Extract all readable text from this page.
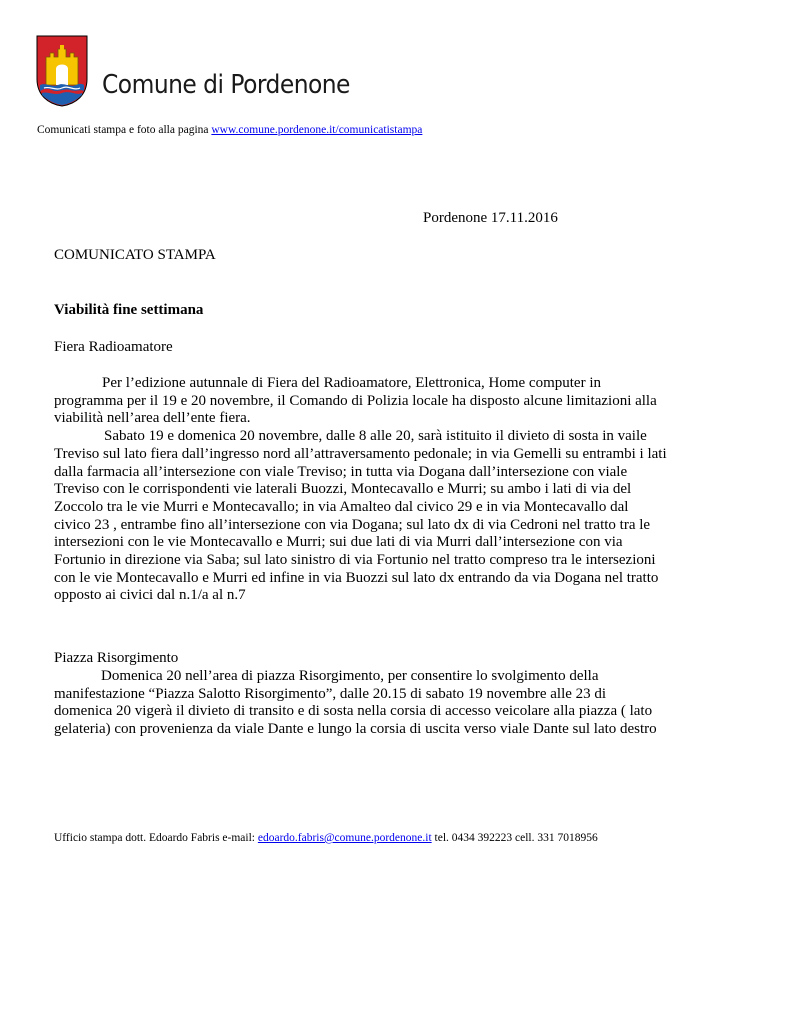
Comune di Pordenone
Comunicati stampa e foto alla pagina www.comune.pordenone.it/comunicatistampa
Pordenone 17.11.2016
COMUNICATO STAMPA
Viabilità fine settimana
Fiera Radioamatore
Per l’edizione autunnale di Fiera del Radioamatore, Elettronica, Home computer in
programma per il 19 e 20 novembre, il Comando di Polizia locale ha disposto alcune limitazioni alla
viabilità nell’area dell’ente fiera.
Sabato 19 e domenica 20 novembre, dalle 8 alle 20, sarà istituito il divieto di sosta in vaile
Treviso sul lato fiera dall’ingresso nord all’attraversamento pedonale; in via Gemelli su entrambi i lati
dalla farmacia all’intersezione con viale Treviso; in tutta via Dogana dall’intersezione con viale
Treviso con le corrispondenti vie laterali Buozzi, Montecavallo e Murri; su ambo i lati di via del
Zoccolo tra le vie Murri e Montecavallo; in via Amalteo dal civico 29 e in via Montecavallo dal
civico 23 , entrambe fino all’intersezione con via Dogana; sul lato dx di via Cedroni nel tratto tra le
intersezioni con le vie Montecavallo e Murri; sui due lati di via Murri dall’intersezione con via
Fortunio in direzione via Saba; sul lato sinistro di via Fortunio nel tratto compreso tra le intersezioni
con le vie Montecavallo e Murri ed infine in via Buozzi sul lato dx entrando da via Dogana nel tratto
opposto ai civici dal n.1/a al n.7
Piazza Risorgimento
Domenica 20 nell’area di piazza Risorgimento, per consentire lo svolgimento della
manifestazione “Piazza Salotto Risorgimento”, dalle 20.15 di sabato 19 novembre alle 23 di
domenica 20 vigerà il divieto di transito e di sosta nella corsia di accesso veicolare alla piazza ( lato
gelateria) con provenienza da viale Dante e lungo la corsia di uscita verso viale Dante sul lato destro
Ufficio stampa dott. Edoardo Fabris e-mail: edoardo.fabris@comune.pordenone.it tel. 0434 392223 cell. 331 7018956
